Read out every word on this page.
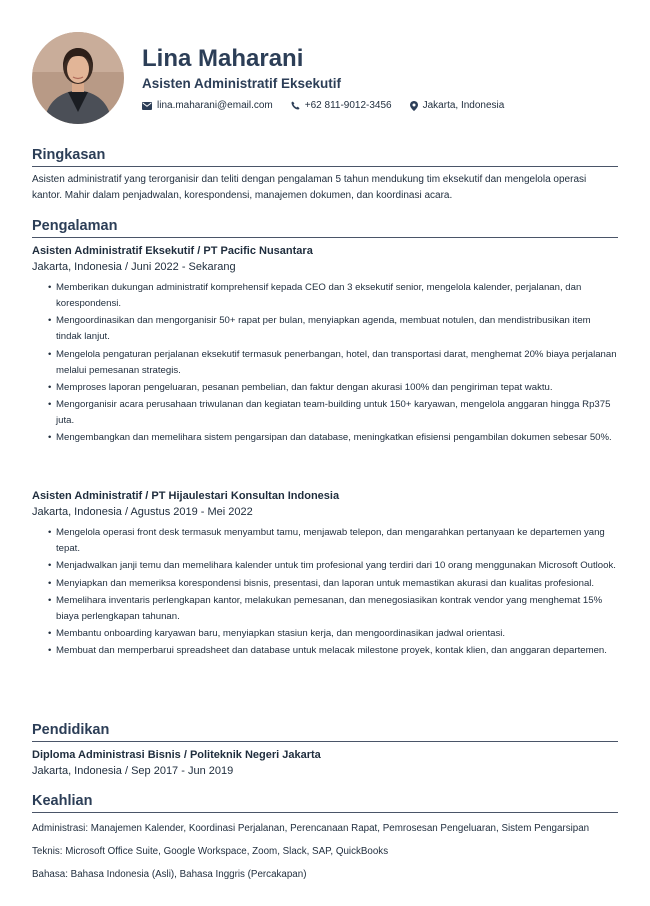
Lina Maharani
Asisten Administratif Eksekutif
lina.maharani@email.com	+62 811-9012-3456	Jakarta, Indonesia
Ringkasan
Asisten administratif yang terorganisir dan teliti dengan pengalaman 5 tahun mendukung tim eksekutif dan mengelola operasi kantor. Mahir dalam penjadwalan, korespondensi, manajemen dokumen, dan koordinasi acara.
Pengalaman
Asisten Administratif Eksekutif / PT Pacific Nusantara
Jakarta, Indonesia / Juni 2022 - Sekarang
• Memberikan dukungan administratif komprehensif kepada CEO dan 3 eksekutif senior, mengelola kalender, perjalanan, dan korespondensi.
• Mengoordinasikan dan mengorganisir 50+ rapat per bulan, menyiapkan agenda, membuat notulen, dan mendistribusikan item tindak lanjut.
• Mengelola pengaturan perjalanan eksekutif termasuk penerbangan, hotel, dan transportasi darat, menghemat 20% biaya perjalanan melalui pemesanan strategis.
• Memproses laporan pengeluaran, pesanan pembelian, dan faktur dengan akurasi 100% dan pengiriman tepat waktu.
• Mengorganisir acara perusahaan triwulanan dan kegiatan team-building untuk 150+ karyawan, mengelola anggaran hingga Rp375 juta.
• Mengembangkan dan memelihara sistem pengarsipan dan database, meningkatkan efisiensi pengambilan dokumen sebesar 50%.
Asisten Administratif / PT Hijaulestari Konsultan Indonesia
Jakarta, Indonesia / Agustus 2019 - Mei 2022
• Mengelola operasi front desk termasuk menyambut tamu, menjawab telepon, dan mengarahkan pertanyaan ke departemen yang tepat.
• Menjadwalkan janji temu dan memelihara kalender untuk tim profesional yang terdiri dari 10 orang menggunakan Microsoft Outlook.
• Menyiapkan dan memeriksa korespondensi bisnis, presentasi, dan laporan untuk memastikan akurasi dan kualitas profesional.
• Memelihara inventaris perlengkapan kantor, melakukan pemesanan, dan menegosiasikan kontrak vendor yang menghemat 15% biaya perlengkapan tahunan.
• Membantu onboarding karyawan baru, menyiapkan stasiun kerja, dan mengoordinasikan jadwal orientasi.
• Membuat dan memperbarui spreadsheet dan database untuk melacak milestone proyek, kontak klien, dan anggaran departemen.
Pendidikan
Diploma Administrasi Bisnis / Politeknik Negeri Jakarta
Jakarta, Indonesia / Sep 2017 - Jun 2019
Keahlian
Administrasi: Manajemen Kalender, Koordinasi Perjalanan, Perencanaan Rapat, Pemrosesan Pengeluaran, Sistem Pengarsipan
Teknis: Microsoft Office Suite, Google Workspace, Zoom, Slack, SAP, QuickBooks
Bahasa: Bahasa Indonesia (Asli), Bahasa Inggris (Percakapan)
